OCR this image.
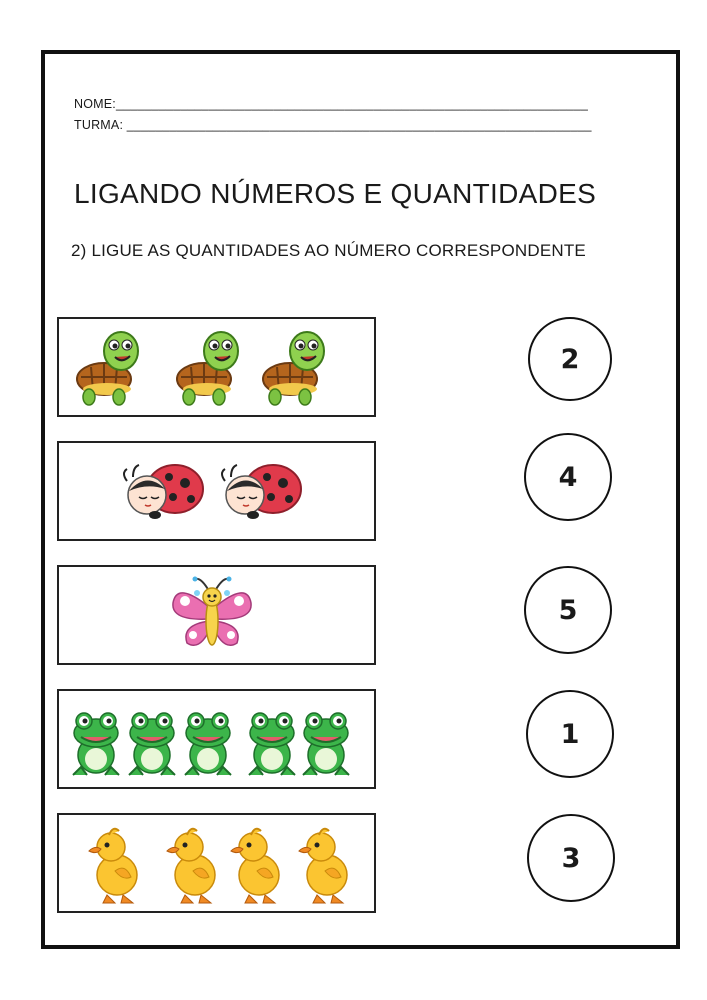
NOME:__________________________________________________________________
TURMA: _________________________________________________________________
LIGANDO NÚMEROS E QUANTIDADES
2) LIGUE AS QUANTIDADES AO NÚMERO CORRESPONDENTE
2
4
5
1
3
